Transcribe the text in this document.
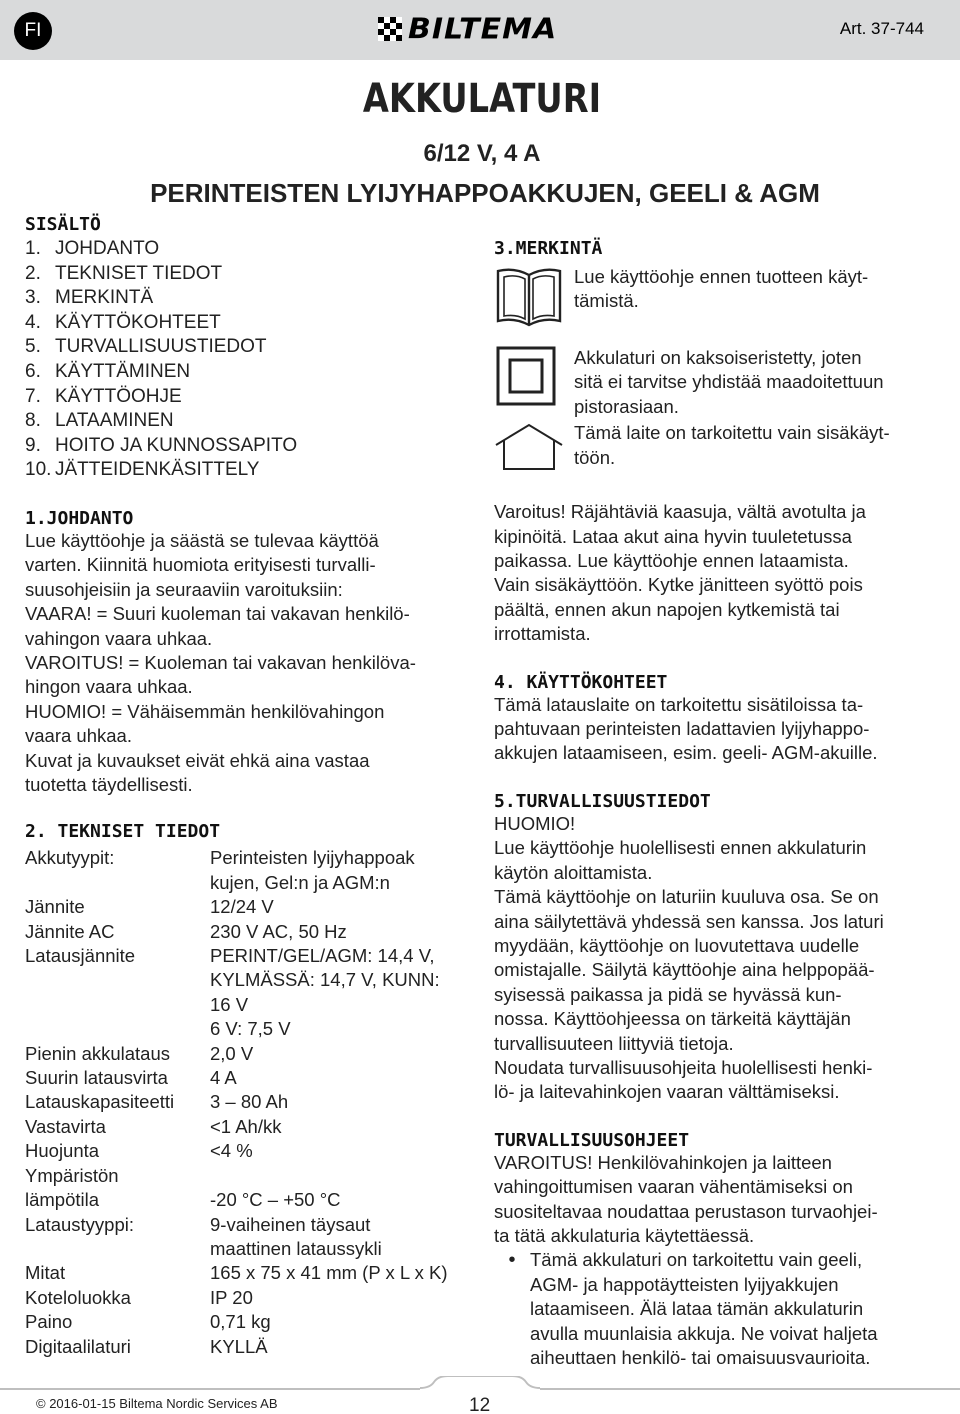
FI	BILTEMA	Art. 37-744
AKKULATURI
6/12 V, 4 A
PERINTEISTEN LYIJYHAPPOAKKUJEN, GEELI & AGM
SISÄLTÖ
1. JOHDANTO
2. TEKNISET TIEDOT
3. MERKINTÄ
4. KÄYTTÖKOHTEET
5. TURVALLISUUSTIEDOT
6. KÄYTTÄMINEN
7. KÄYTTÖOHJE
8. LATAAMINEN
9. HOITO JA KUNNOSSAPITO
10. JÄTTEIDENKÄSITTELY
1.JOHDANTO
Lue käyttöohje ja säästä se tulevaa käyttöä
varten. Kiinnitä huomiota erityisesti turvalli-
suusohjeisiin ja seuraaviin varoituksiin:
VAARA! = Suuri kuoleman tai vakavan henkilö-
vahingon vaara uhkaa.
VAROITUS! = Kuoleman tai vakavan henkilöva-
hingon vaara uhkaa.
HUOMIO! = Vähäisemmän henkilövahingon
vaara uhkaa.
Kuvat ja kuvaukset eivät ehkä aina vastaa
tuotetta täydellisesti.
2. TEKNISET TIEDOT
Akkutyypit:	Perinteisten lyijyhappoak
kujen, Gel:n ja AGM:n
Jännite	12/24 V
Jännite AC	230 V AC, 50 Hz
Latausjännite	PERINT/GEL/AGM: 14,4 V,
KYLMÄSSÄ: 14,7 V, KUNN:
16 V
6 V: 7,5 V
Pienin akkulataus	2,0 V
Suurin latausvirta	4 A
Latauskapasiteetti	3 – 80 Ah
Vastavirta	<1 Ah/kk
Huojunta	<4 %
Ympäristön
lämpötila	-20 °C – +50 °C
Lataustyyppi:	9-vaiheinen täysaut
maattinen lataussykli
Mitat	165 x 75 x 41 mm (P x L x K)
Koteloluokka	IP 20
Paino	0,71 kg
Digitaalilaturi	KYLLÄ
3.MERKINTÄ
Lue käyttöohje ennen tuotteen käyt-
tämistä.
Akkulaturi on kaksoiseristetty, joten
sitä ei tarvitse yhdistää maadoitettuun
pistorasiaan.
Tämä laite on tarkoitettu vain sisäkäyt-
töön.
Varoitus! Räjähtäviä kaasuja, vältä avotulta ja
kipinöitä. Lataa akut aina hyvin tuuletetussa
paikassa. Lue käyttöohje ennen lataamista.
Vain sisäkäyttöön. Kytke jänitteen syöttö pois
päältä, ennen akun napojen kytkemistä tai
irrottamista.
4. KÄYTTÖKOHTEET
Tämä latauslaite on tarkoitettu sisätiloissa ta-
pahtuvaan perinteisten ladattavien lyijyhappo-
akkujen lataamiseen, esim. geeli- AGM-akuille.
5.TURVALLISUUSTIEDOT
HUOMIO!
Lue käyttöohje huolellisesti ennen akkulaturin
käytön aloittamista.
Tämä käyttöohje on laturiin kuuluva osa. Se on
aina säilytettävä yhdessä sen kanssa. Jos laturi
myydään, käyttöohje on luovutettava uudelle
omistajalle. Säilytä käyttöohje aina helppopää-
syisessä paikassa ja pidä se hyvässä kun-
nossa. Käyttöohjeessa on tärkeitä käyttäjän
turvallisuuteen liittyviä tietoja.
Noudata turvallisuusohjeita huolellisesti henki-
lö- ja laitevahinkojen vaaran välttämiseksi.
TURVALLISUUSOHJEET
VAROITUS! Henkilövahinkojen ja laitteen
vahingoittumisen vaaran vähentämiseksi on
suositeltavaa noudattaa perustason turvaohjei-
ta tätä akkulaturia käytettäessä.
• Tämä akkulaturi on tarkoitettu vain geeli,
AGM- ja happotäytteisten lyijyakkujen
lataamiseen. Älä lataa tämän akkulaturin
avulla muunlaisia akkuja. Ne voivat haljeta
aiheuttaen henkilö- tai omaisuusvaurioita.
© 2016-01-15 Biltema Nordic Services AB	12
